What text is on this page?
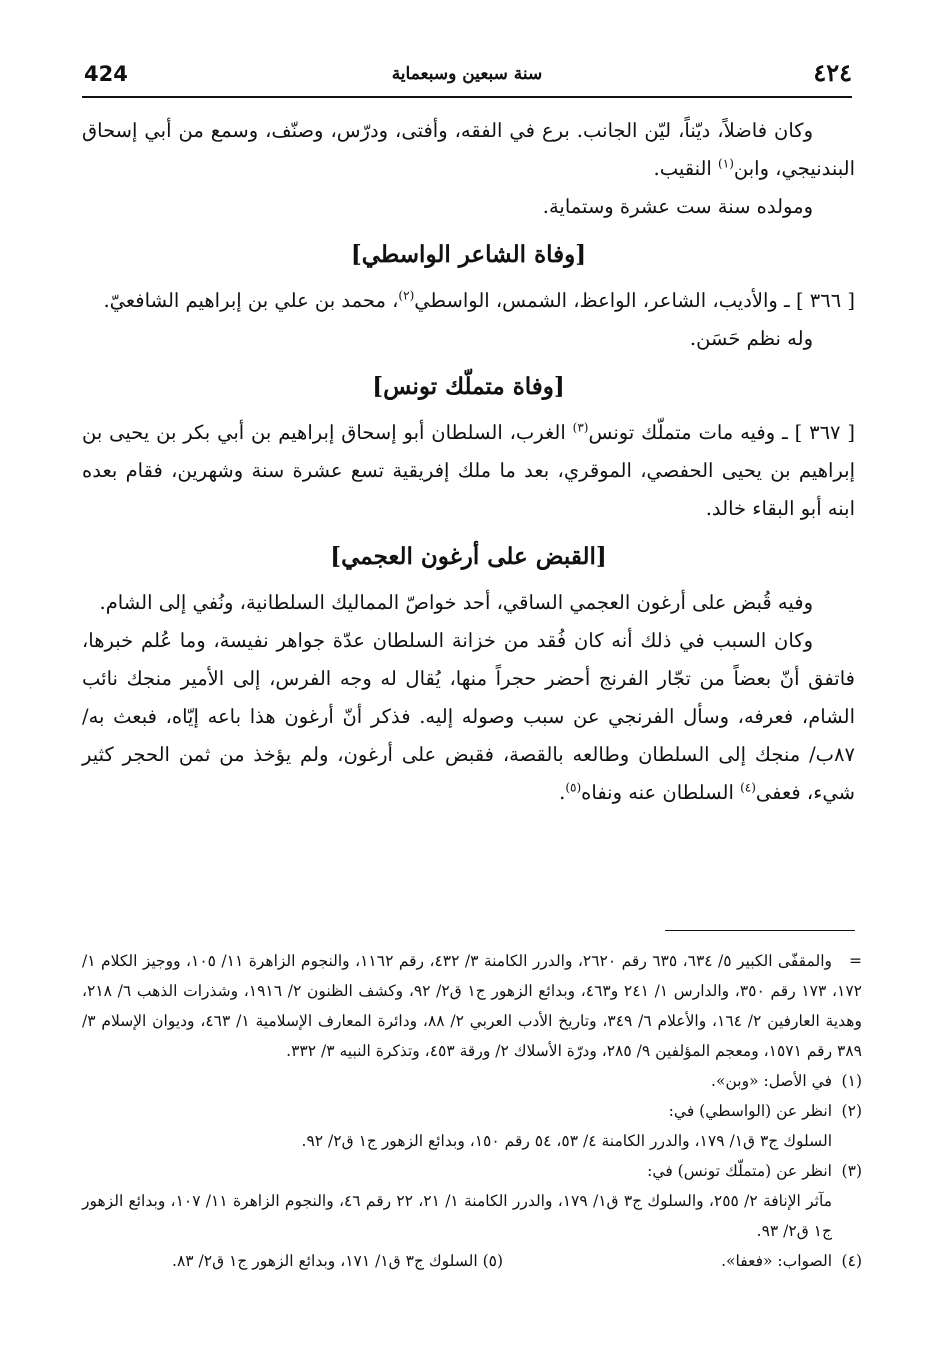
424	سنة سبعين وسبعماية	٤٢٤

وكان فاضلاً، ديّناً، ليّن الجانب. برع في الفقه، وأفتى، ودرّس، وصنّف، وسمع من أبي إسحاق البندنيجي، وابن$^{(١)}$ النقيب.

ومولده سنة ست عشرة وستماية.

[وفاة الشاعر الواسطي]

[ ٣٦٦ ] ـ والأديب، الشاعر، الواعظ، الشمس، الواسطي$^{(٢)}$، محمد بن علي بن إبراهيم الشافعيّ.

وله نظم حَسَن.

[وفاة متملّك تونس]

[ ٣٦٧ ] ـ وفيه مات متملّك تونس$^{(٣)}$ الغرب، السلطان أبو إسحاق إبراهيم بن أبي بكر بن يحيى بن إبراهيم بن يحيى الحفصي، الموقري، بعد ما ملك إفريقية تسع عشرة سنة وشهرين، فقام بعده ابنه أبو البقاء خالد.

[القبض على أرغون العجمي]

وفيه قُبض على أرغون العجمي الساقي، أحد خواصّ المماليك السلطانية، ونُفي إلى الشام.

وكان السبب في ذلك أنه كان فُقد من خزانة السلطان عدّة جواهر نفيسة، وما عُلم خبرها، فاتفق أنّ بعضاً من تجّار الفرنج أحضر حجراً منها، يُقال له وجه الفرس، إلى الأمير منجك نائب الشام، فعرفه، وسأل الفرنجي عن سبب وصوله إليه. فذكر أنّ أرغون هذا باعه إيّاه، فبعث به/ ٨٧ب/ منجك إلى السلطان وطالعه بالقصة، فقبض على أرغون، ولم يؤخذ من ثمن الحجر كثير شيء، فعفى$^{(٤)}$ السلطان عنه ونفاه$^{(٥)}$.

=والمقفّى الكبير ٥/ ٦٣٤، ٦٣٥ رقم ٢٦٢٠، والدرر الكامنة ٣/ ٤٣٢، رقم ١١٦٢، والنجوم الزاهرة ١١/ ١٠٥، ووجيز الكلام ١/ ١٧٢، ١٧٣ رقم ٣٥٠، والدارس ١/ ٢٤١ و٤٦٣، وبدائع الزهور ج١ ق٢/ ٩٢، وكشف الظنون ٢/ ١٩١٦، وشذرات الذهب ٦/ ٢١٨، وهدية العارفين ٢/ ١٦٤، والأعلام ٦/ ٣٤٩، وتاريخ الأدب العربي ٢/ ٨٨، ودائرة المعارف الإسلامية ١/ ٤٦٣، وديوان الإسلام ٣/ ٣٨٩ رقم ١٥٧١، ومعجم المؤلفين ٩/ ٢٨٥، ودرّة الأسلاك ٢/ ورقة ٤٥٣، وتذكرة النبيه ٣/ ٣٣٢.

(١)في الأصل: «وبن».

(٢)انظر عن (الواسطي) في:

السلوك ج٣ ق١/ ١٧٩، والدرر الكامنة ٤/ ٥٣، ٥٤ رقم ١٥٠، وبدائع الزهور ج١ ق٢/ ٩٢.

(٣)انظر عن (متملّك تونس) في:

مآثر الإنافة ٢/ ٢٥٥، والسلوك ج٣ ق١/ ١٧٩، والدرر الكامنة ١/ ٢١، ٢٢ رقم ٤٦، والنجوم الزاهرة ١١/ ١٠٧، وبدائع الزهور ج١ ق٢/ ٩٣.

(٤)الصواب: «فعفا».
(٥) السلوك ج٣ ق١/ ١٧١، وبدائع الزهور ج١ ق٢/ ٨٣.
